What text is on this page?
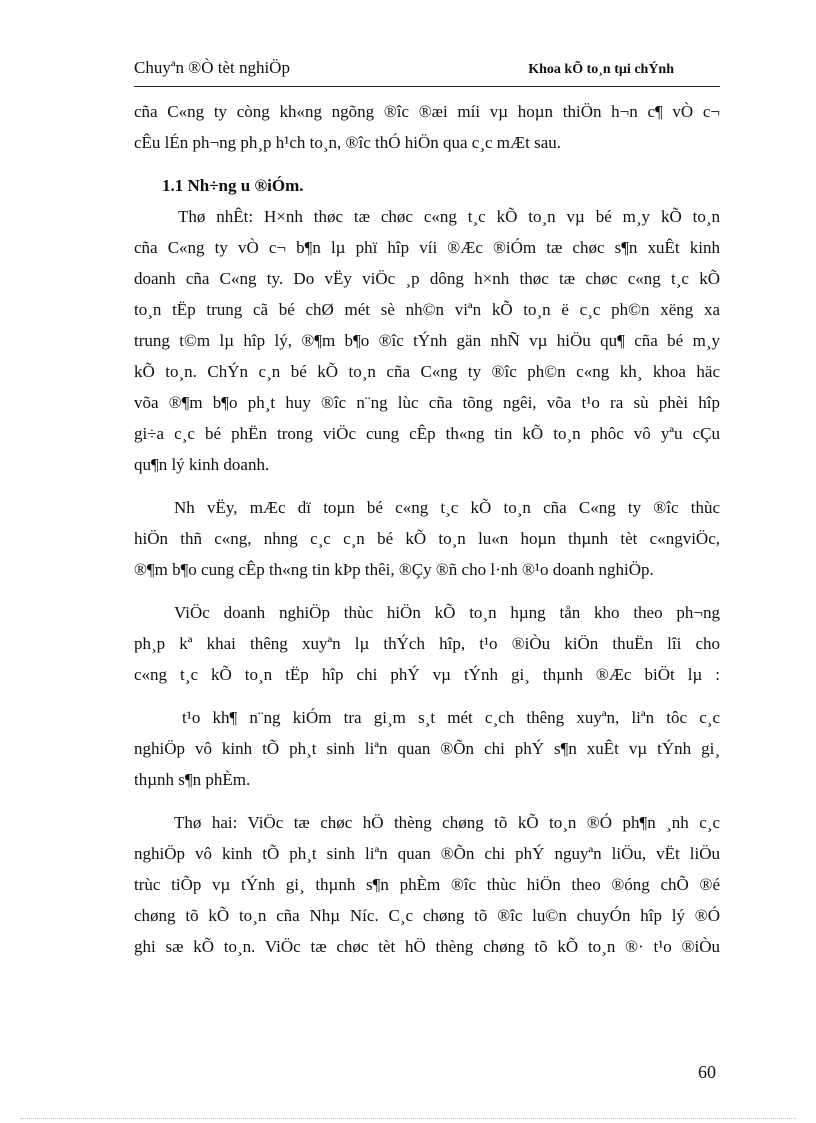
Chuyªn ®Ò tèt nghiÖp	Khoa kÕ to¸n tµi chÝnh
cña C«ng ty còng kh«ng ngõng ®îc ®æi míi vµ hoµn thiÖn h¬n c¶ vÒ c¬
cÊu lÉn ph¬ng ph¸p h¹ch to¸n, ®îc thÓ hiÖn qua c¸c mÆt sau.
1.1 Nh÷ng u ®iÓm.
Thø nhÊt: H×nh thøc tæ chøc c«ng t¸c kÕ to¸n vµ bé m¸y kÕ to¸n
cña C«ng ty vÒ c¬ b¶n lµ phï hîp víi ®Æc ®iÓm tæ chøc s¶n xuÊt kinh
doanh cña C«ng ty. Do vËy viÖc ¸p dông h×nh thøc tæ chøc c«ng t¸c kÕ
to¸n tËp trung cã bé chØ mét sè nh©n viªn kÕ to¸n ë c¸c ph©n xëng xa
trung t©m lµ hîp lý, ®¶m b¶o ®îc tÝnh gän nhÑ vµ hiÖu qu¶ cña bé m¸y
kÕ to¸n. ChÝn c¸n bé kÕ to¸n cña C«ng ty ®îc ph©n c«ng kh¸ khoa häc
võa ®¶m b¶o ph¸t huy ®îc n¨ng lùc cña tõng ngêi, võa t¹o ra sù phèi hîp
gi÷a c¸c bé phËn trong viÖc cung cÊp th«ng tin kÕ to¸n phôc vô yªu cÇu
qu¶n lý kinh doanh.
Nh vËy, mÆc dï toµn bé c«ng t¸c kÕ to¸n cña C«ng ty ®îc thùc
hiÖn thñ c«ng, nhng c¸c c¸n bé kÕ to¸n lu«n hoµn thµnh tèt c«ngviÖc,
®¶m b¶o cung cÊp th«ng tin kÞp thêi, ®Çy ®ñ cho l·nh ®¹o doanh nghiÖp.
ViÖc doanh nghiÖp thùc hiÖn kÕ to¸n hµng tån kho theo ph¬ng
ph¸p kª khai thêng xuyªn lµ thÝch hîp, t¹o ®iÒu kiÖn thuËn lîi cho
c«ng t¸c kÕ to¸n tËp hîp chi phÝ vµ tÝnh gi¸ thµnh ®Æc biÖt lµ :
t¹o kh¶ n¨ng kiÓm tra gi¸m s¸t mét c¸ch thêng xuyªn, liªn tôc c¸c
nghiÖp vô kinh tÕ ph¸t sinh liªn quan ®Õn chi phÝ s¶n xuÊt vµ tÝnh gi¸
thµnh s¶n phÈm.
Thø hai: ViÖc tæ chøc hÖ thèng chøng tõ kÕ to¸n ®Ó ph¶n ¸nh c¸c
nghiÖp vô kinh tÕ ph¸t sinh liªn quan ®Õn chi phÝ nguyªn liÖu, vËt liÖu
trùc tiÕp vµ tÝnh gi¸ thµnh s¶n phÈm ®îc thùc hiÖn theo ®óng chÕ ®é
chøng tõ kÕ to¸n cña Nhµ Níc. C¸c chøng tõ ®îc lu©n chuyÓn hîp lý ®Ó
ghi sæ kÕ to¸n. ViÖc tæ chøc tèt hÖ thèng chøng tõ kÕ to¸n ®· t¹o ®iÒu
60
